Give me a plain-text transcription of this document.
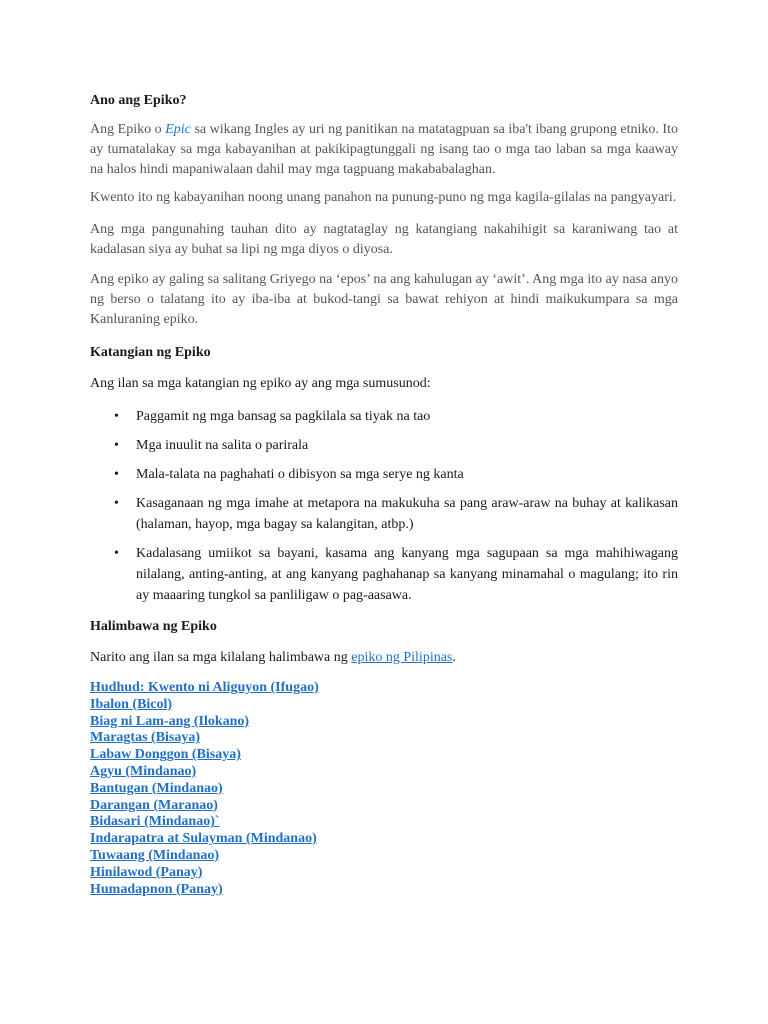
Ano ang Epiko?

Ang Epiko o Epic sa wikang Ingles ay uri ng panitikan na matatagpuan sa iba't ibang grupong etniko. Ito ay tumatalakay sa mga kabayanihan at pakikipagtunggali ng isang tao o mga tao laban sa mga kaaway na halos hindi mapaniwalaan dahil may mga tagpuang makababalaghan.

Kwento ito ng kabayanihan noong unang panahon na punung-puno ng mga kagila-gilalas na pangyayari.

Ang mga pangunahing tauhan dito ay nagtataglay ng katangiang nakahihigit sa karaniwang tao at kadalasan siya ay buhat sa lipi ng mga diyos o diyosa.

Ang epiko ay galing sa salitang Griyego na ‘epos’ na ang kahulugan ay ‘awit’. Ang mga ito ay nasa anyo ng berso o talatang ito ay iba-iba at bukod-tangi sa bawat rehiyon at hindi maikukumpara sa mga Kanluraning epiko.

Katangian ng Epiko

Ang ilan sa mga katangian ng epiko ay ang mga sumusunod:

• Paggamit ng mga bansag sa pagkilala sa tiyak na tao
• Mga inuulit na salita o parirala
• Mala-talata na paghahati o dibisyon sa mga serye ng kanta
• Kasaganaan ng mga imahe at metapora na makukuha sa pang araw-araw na buhay at kalikasan (halaman, hayop, mga bagay sa kalangitan, atbp.)
• Kadalasang umiikot sa bayani, kasama ang kanyang mga sagupaan sa mga mahihiwagang nilalang, anting-anting, at ang kanyang paghahanap sa kanyang minamahal o magulang; ito rin ay maaaring tungkol sa panliligaw o pag-aasawa.
Halimbawa ng Epiko

Narito ang ilan sa mga kilalang halimbawa ng epiko ng Pilipinas.

Hudhud: Kwento ni Aliguyon (Ifugao)
Ibalon (Bicol)
Biag ni Lam-ang (Ilokano)
Maragtas (Bisaya)
Labaw Donggon (Bisaya)
Agyu (Mindanao)
Bantugan (Mindanao)
Darangan (Maranao)
Bidasari (Mindanao)`
Indarapatra at Sulayman (Mindanao)
Tuwaang (Mindanao)
Hinilawod (Panay)
Humadapnon (Panay)
